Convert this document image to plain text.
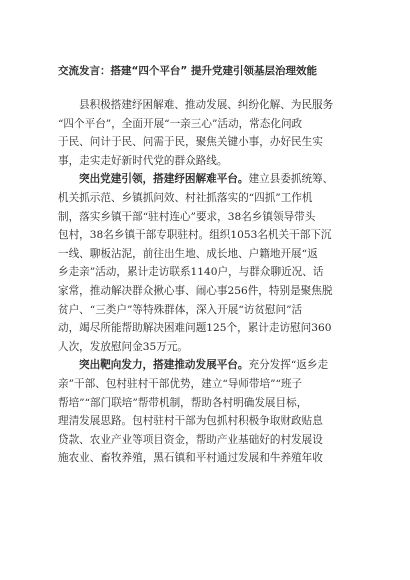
交流发言：搭建“四个平台” 提升党建引领基层治理效能
县积极搭建纾困解难、推动发展、纠纷化解、为民服务
“四个平台”，全面开展“一亲三心”活动，常态化问政
于民、问计于民、问需于民，聚焦关键小事，办好民生实
事，走实走好新时代党的群众路线。
突出党建引领，搭建纾困解难平台。建立县委抓统筹、
机关抓示范、乡镇抓问效、村社抓落实的“四抓”工作机
制，落实乡镇干部“驻村连心”要求，38名乡镇领导带头
包村，38名乡镇干部专职驻村。组织1053名机关干部下沉
一线、聊板沾泥，前往出生地、成长地、户籍地开展“返
乡走亲”活动，累计走访联系1140户，与群众聊近况、话
家常，推动解决群众揪心事、闹心事256件，特别是聚焦脱
贫户、“三类户”等特殊群体，深入开展“访贫慰问”活
动，竭尽所能帮助解决困难问题125个，累计走访慰问360
人次，发放慰问金35万元。
突出靶向发力，搭建推动发展平台。充分发挥“返乡走
亲”干部、包村驻村干部优势，建立“导师带培”“班子
帮培”“部门联培”帮带机制，帮助各村明确发展目标，
理清发展思路。包村驻村干部为包抓村积极争取财政贴息
贷款、农业产业等项目资金，帮助产业基础好的村发展设
施农业、畜牧养殖，黑石镇和平村通过发展和牛养殖年收
